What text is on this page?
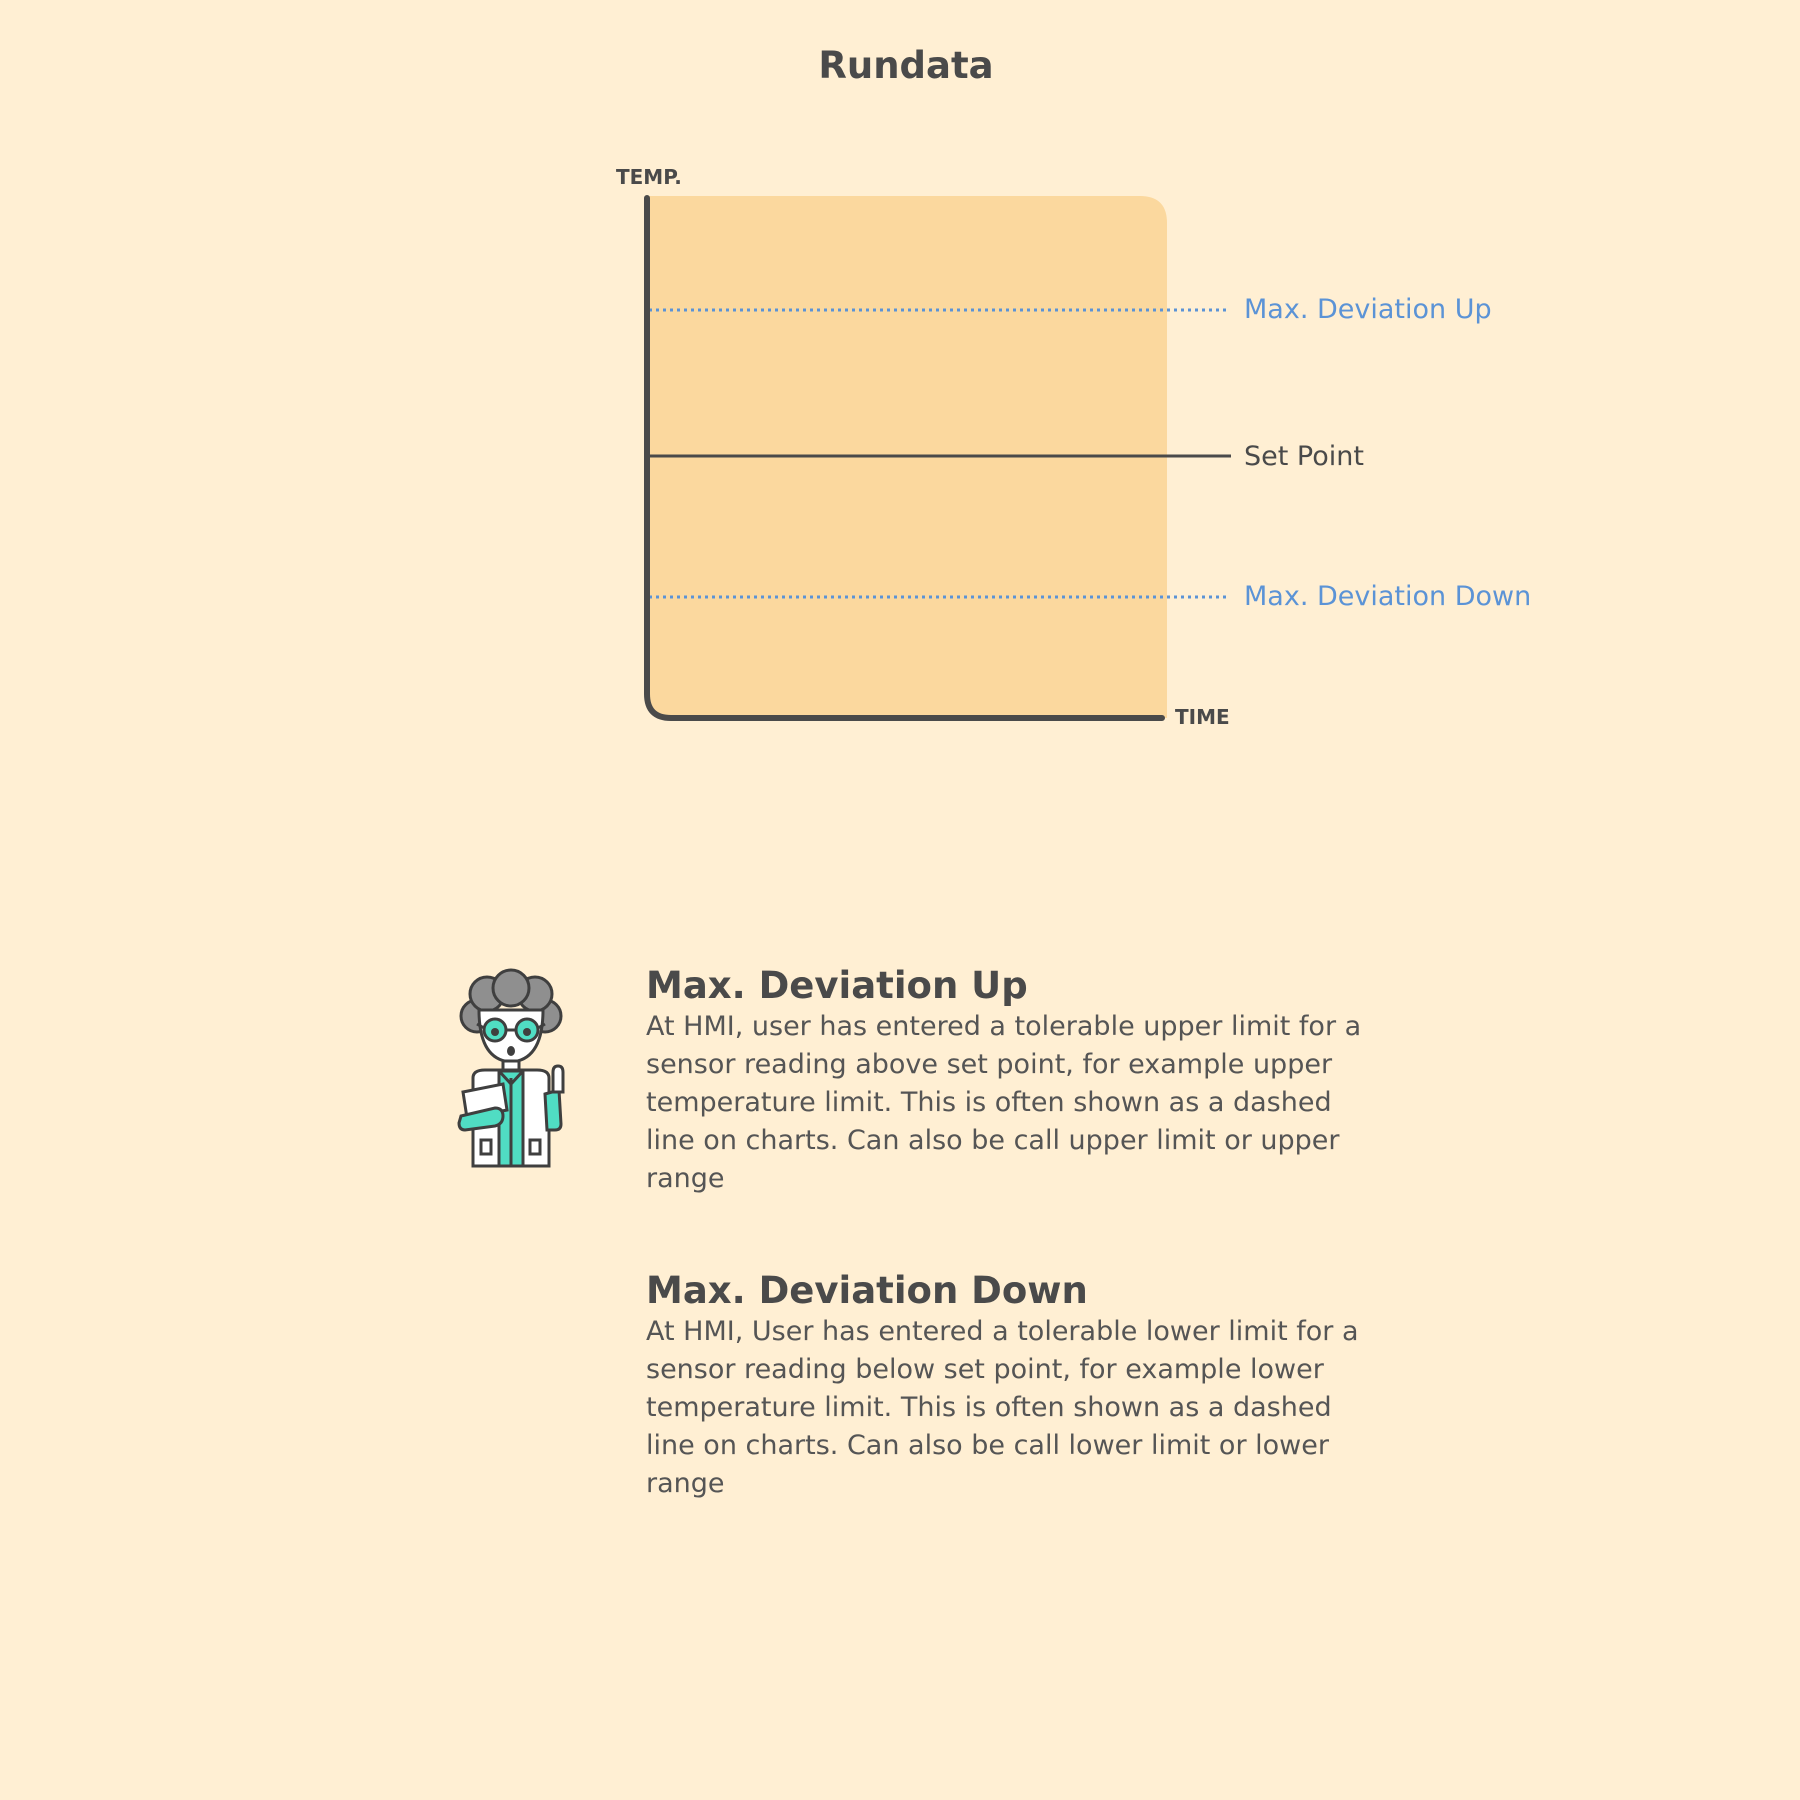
Rundata
TEMP.
TIME
Max. Deviation Up
Set Point
Max. Deviation Down
Max. Deviation Up

At HMI, user has entered a tolerable upper limit for a sensor reading above set point, for example upper temperature limit. This is often shown as a dashed line on charts. Can also be call upper limit or upper range

Max. Deviation Down

At HMI, User has entered a tolerable lower limit for a sensor reading below set point, for example lower temperature limit. This is often shown as a dashed line on charts. Can also be call lower limit or lower range
